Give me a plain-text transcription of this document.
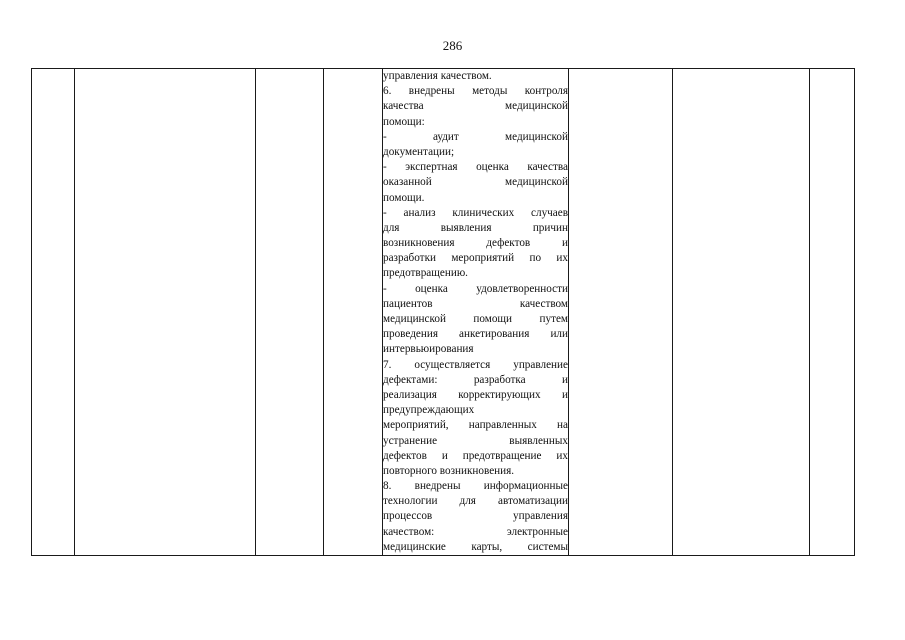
286

управления качеством.
6. внедрены методы контроля
качества медицинской
помощи:
- аудит медицинской
документации;
- экспертная оценка качества
оказанной медицинской
помощи.
- анализ клинических случаев
для выявления причин
возникновения дефектов и
разработки мероприятий по их
предотвращению.
- оценка удовлетворенности
пациентов качеством
медицинской помощи путем
проведения анкетирования или
интервьюирования
7. осуществляется управление
дефектами: разработка и
реализация корректирующих и
предупреждающих
мероприятий, направленных на
устранение выявленных
дефектов и предотвращение их
повторного возникновения.
8. внедрены информационные
технологии для автоматизации
процессов управления
качеством: электронные
медицинские карты, системы
